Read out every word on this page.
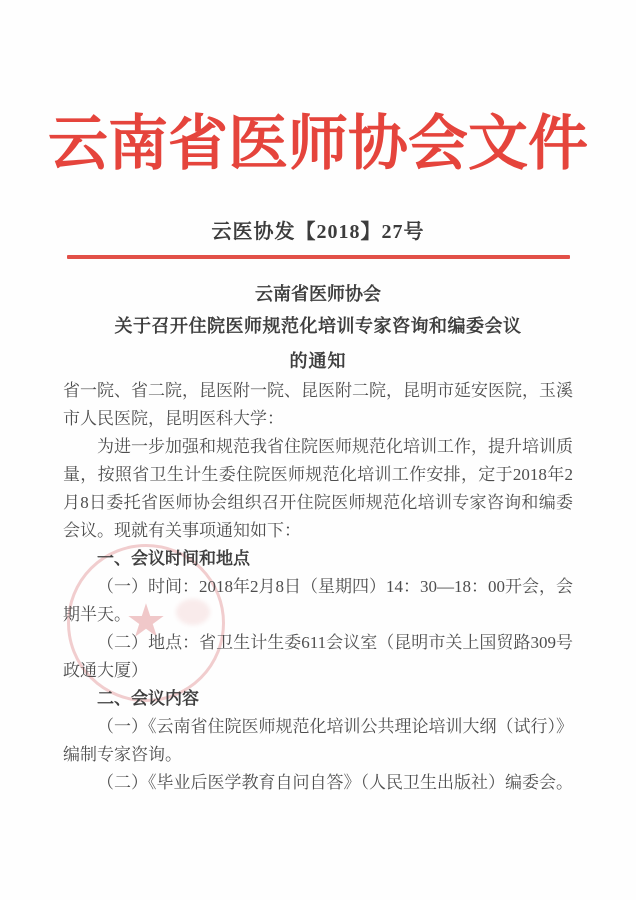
云南省医师协会文件
云医协发【2018】27号
云南省医师协会
关于召开住院医师规范化培训专家咨询和编委会议
的通知
★

省一院、省二院，昆医附一院、昆医附二院，昆明市延安医院，玉溪市人民医院，昆明医科大学：

为进一步加强和规范我省住院医师规范化培训工作，提升培训质量，按照省卫生计生委住院医师规范化培训工作安排，定于2018年2月8日委托省医师协会组织召开住院医师规范化培训专家咨询和编委会议。现就有关事项通知如下：

一、会议时间和地点

（一）时间：2018年2月8日（星期四）14：30—18：00开会，会期半天。

（二）地点：省卫生计生委611会议室（昆明市关上国贸路309号政通大厦）

二、会议内容

（一）《云南省住院医师规范化培训公共理论培训大纲（试行）》编制专家咨询。

（二）《毕业后医学教育自问自答》（人民卫生出版社）编委会。
